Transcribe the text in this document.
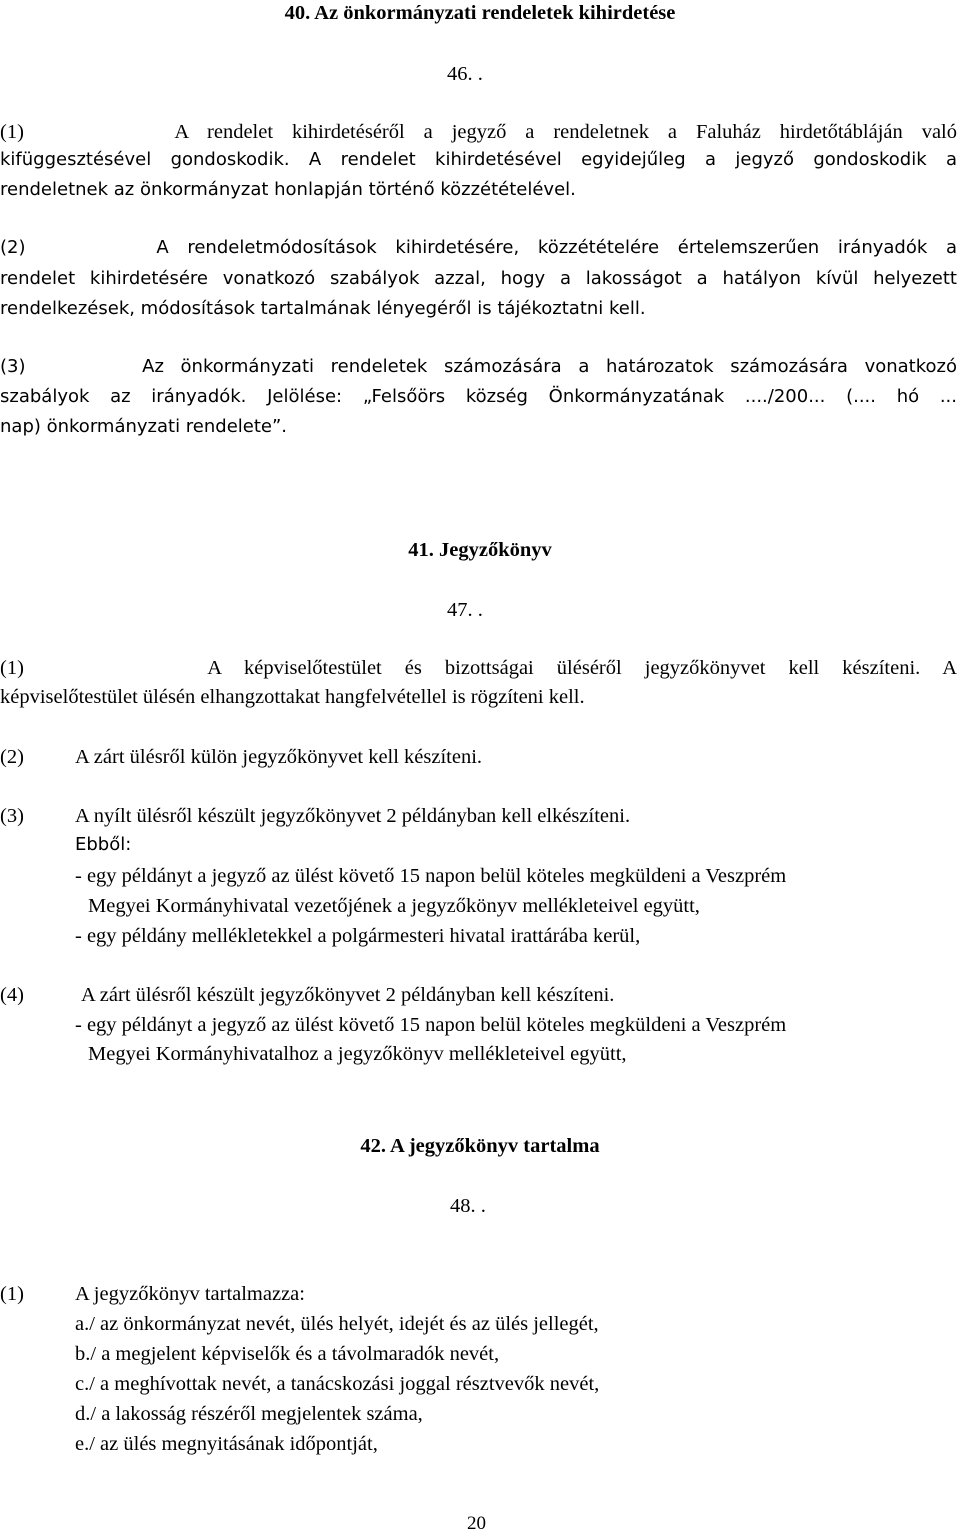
40. Az önkormányzati rendeletek kihirdetése
46. .
(1)	A rendelet kihirdetéséről a jegyző a rendeletnek a Faluház hirdetőtábláján való
kifüggesztésével gondoskodik. A rendelet kihirdetésével egyidejűleg a jegyző gondoskodik a
rendeletnek az önkormányzat honlapján történő közzétételével.
(2)	A rendeletmódosítások kihirdetésére, közzétételére értelemszerűen irányadók a
rendelet kihirdetésére vonatkozó szabályok azzal, hogy a lakosságot a hatályon kívül helyezett
rendelkezések, módosítások tartalmának lényegéről is tájékoztatni kell.
(3)	Az önkormányzati rendeletek számozására a határozatok számozására vonatkozó
szabályok az irányadók. Jelölése: „Felsőörs község Önkormányzatának ..../200... (.... hó ...
nap) önkormányzati rendelete”.
41. Jegyzőkönyv
47. .
(1)	A képviselőtestület és bizottságai üléséről jegyzőkönyvet kell készíteni. A
képviselőtestület ülésén elhangzottakat hangfelvétellel is rögzíteni kell.
(2) A zárt ülésről külön jegyzőkönyvet kell készíteni.
(3) A nyílt ülésről készült jegyzőkönyvet 2 példányban kell elkészíteni.
Ebből:
- egy példányt a jegyző az ülést követő 15 napon belül köteles megküldeni a Veszprém
Megyei Kormányhivatal vezetőjének a jegyzőkönyv mellékleteivel együtt,
- egy példány mellékletekkel a polgármesteri hivatal irattárába kerül,
(4)	A zárt ülésről készült jegyzőkönyvet 2 példányban kell készíteni.
- egy példányt a jegyző az ülést követő 15 napon belül köteles megküldeni a Veszprém
Megyei Kormányhivatalhoz a jegyzőkönyv mellékleteivel együtt,
42. A jegyzőkönyv tartalma
48. .
(1) A jegyzőkönyv tartalmazza:
a./ az önkormányzat nevét, ülés helyét, idejét és az ülés jellegét,
b./ a megjelent képviselők és a távolmaradók nevét,
c./ a meghívottak nevét, a tanácskozási joggal résztvevők nevét,
d./ a lakosság részéről megjelentek száma,
e./ az ülés megnyitásának időpontját,
20
